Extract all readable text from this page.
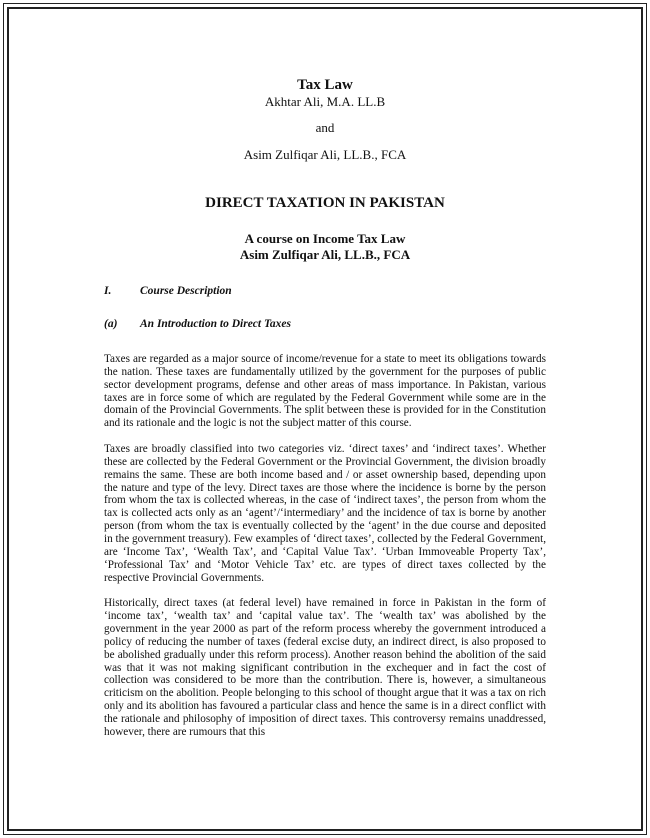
Tax Law

Akhtar Ali, M.A. LL.B

and

Asim Zulfiqar Ali, LL.B., FCA

DIRECT TAXATION IN PAKISTAN

A course on Income Tax Law

Asim Zulfiqar Ali, LL.B., FCA

I.	Course Description
(a)	An Introduction to Direct Taxes

Taxes are regarded as a major source of income/revenue for a state to meet its obligations towards the nation. These taxes are fundamentally utilized by the government for the purposes of public sector development programs, defense and other areas of mass importance. In Pakistan, various taxes are in force some of which are regulated by the Federal Government while some are in the domain of the Provincial Governments. The split between these is provided for in the Constitution and its rationale and the logic is not the subject matter of this course.

Taxes are broadly classified into two categories viz. ‘direct taxes’ and ‘indirect taxes’. Whether these are collected by the Federal Government or the Provincial Government, the division broadly remains the same. These are both income based and / or asset ownership based, depending upon the nature and type of the levy. Direct taxes are those where the incidence is borne by the person from whom the tax is collected whereas, in the case of ‘indirect taxes’, the person from whom the tax is collected acts only as an ‘agent’/‘intermediary’ and the incidence of tax is borne by another person (from whom the tax is eventually collected by the ‘agent’ in the due course and deposited in the government treasury). Few examples of ‘direct taxes’, collected by the Federal Government, are ‘Income Tax’, ‘Wealth Tax’, and ‘Capital Value Tax’. ‘Urban Immoveable Property Tax’, ‘Professional Tax’ and ‘Motor Vehicle Tax’ etc. are types of direct taxes collected by the respective Provincial Governments.

Historically, direct taxes (at federal level) have remained in force in Pakistan in the form of ‘income tax’, ‘wealth tax’ and ‘capital value tax’. The ‘wealth tax’ was abolished by the government in the year 2000 as part of the reform process whereby the government introduced a policy of reducing the number of taxes (federal excise duty, an indirect direct, is also proposed to be abolished gradually under this reform process). Another reason behind the abolition of the said was that it was not making significant contribution in the exchequer and in fact the cost of collection was considered to be more than the contribution. There is, however, a simultaneous criticism on the abolition. People belonging to this school of thought argue that it was a tax on rich only and its abolition has favoured a particular class and hence the same is in a direct conflict with the rationale and philosophy of imposition of direct taxes. This controversy remains unaddressed, however, there are rumours that this
